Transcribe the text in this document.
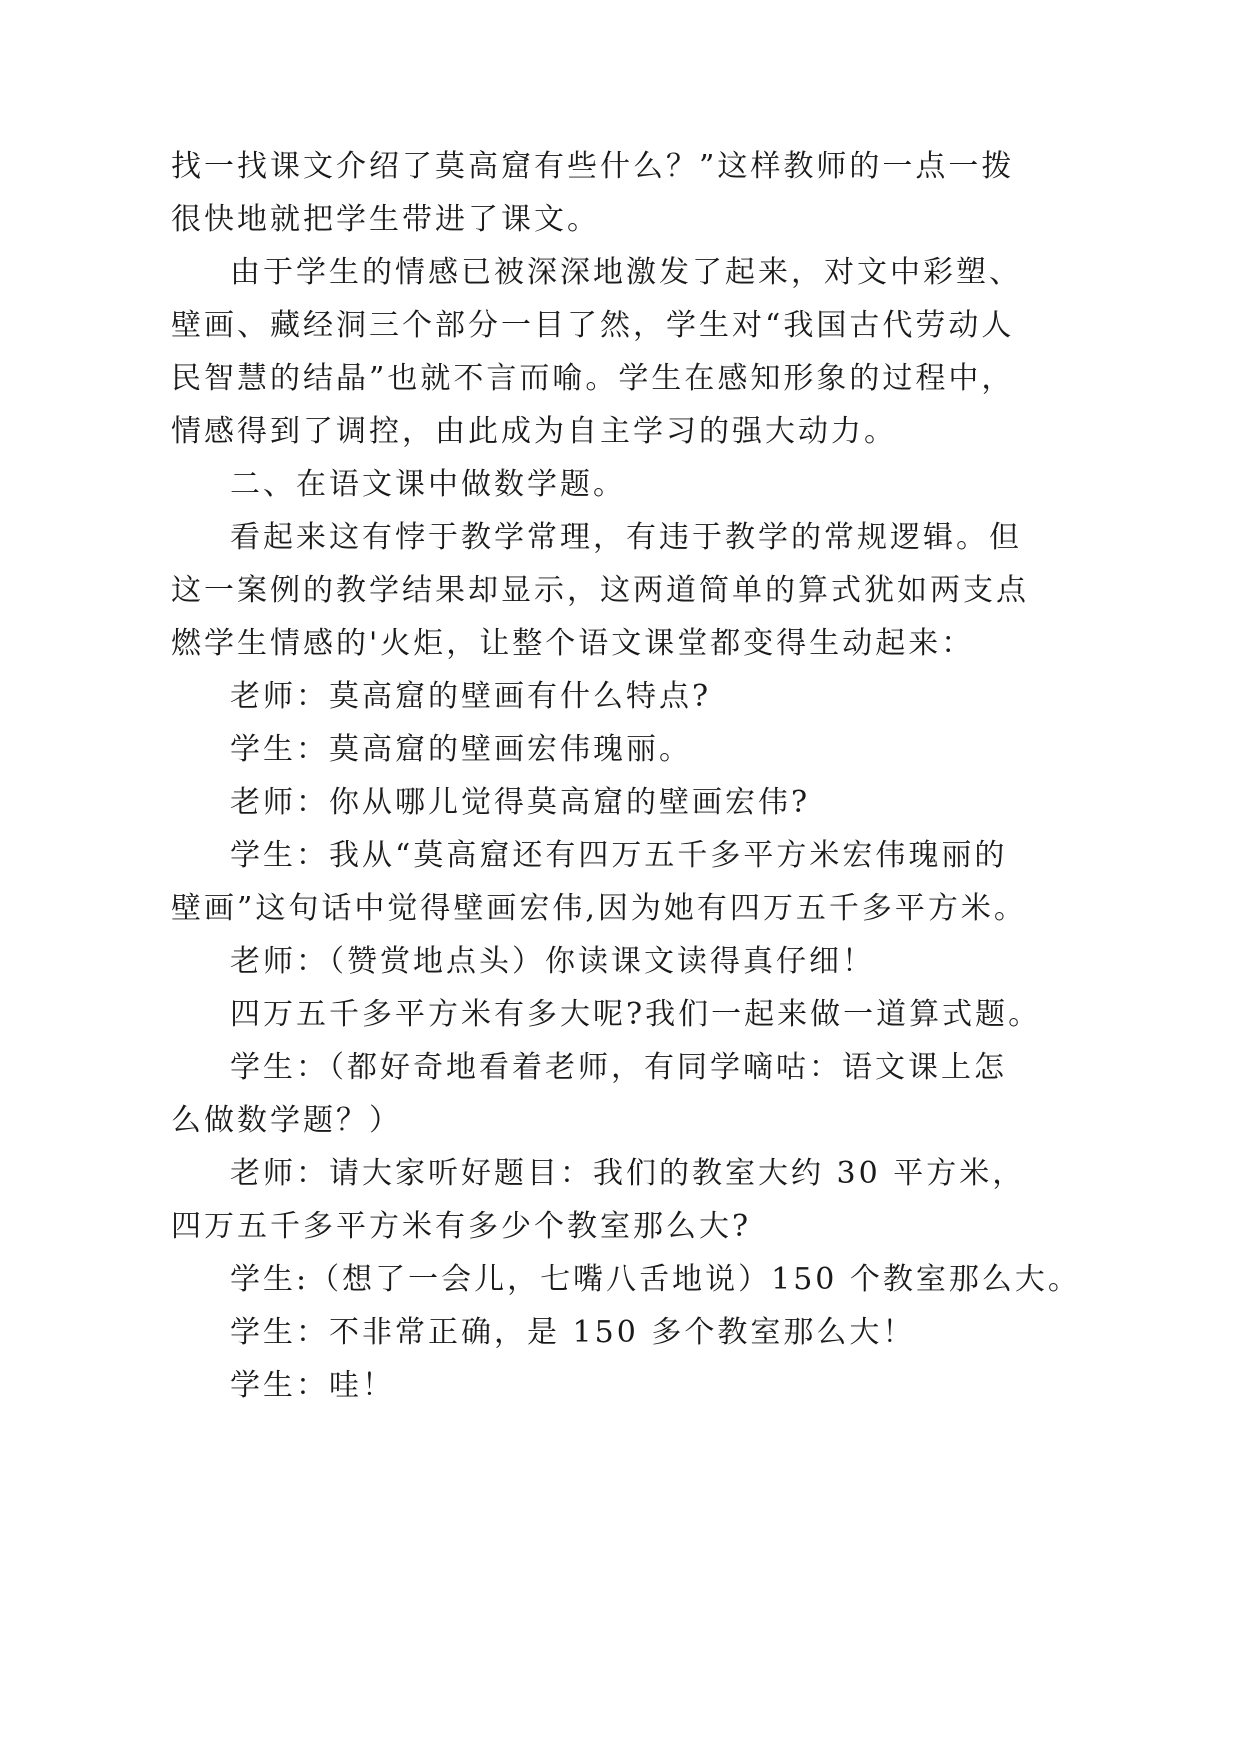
找一找课文介绍了莫高窟有些什么？”这样教师的一点一拨
很快地就把学生带进了课文。
由于学生的情感已被深深地激发了起来，对文中彩塑、
壁画、藏经洞三个部分一目了然，学生对“我国古代劳动人
民智慧的结晶”也就不言而喻。学生在感知形象的过程中，
情感得到了调控，由此成为自主学习的强大动力。
二、在语文课中做数学题。
看起来这有悖于教学常理，有违于教学的常规逻辑。但
这一案例的教学结果却显示，这两道简单的算式犹如两支点
燃学生情感的'火炬，让整个语文课堂都变得生动起来：
老师：莫高窟的壁画有什么特点?
学生：莫高窟的壁画宏伟瑰丽。
老师：你从哪儿觉得莫高窟的壁画宏伟?
学生：我从“莫高窟还有四万五千多平方米宏伟瑰丽的
壁画”这句话中觉得壁画宏伟,因为她有四万五千多平方米。
老师：（赞赏地点头）你读课文读得真仔细！
四万五千多平方米有多大呢?我们一起来做一道算式题。
学生：（都好奇地看着老师，有同学嘀咕：语文课上怎
么做数学题？）
老师：请大家听好题目：我们的教室大约 30 平方米，
四万五千多平方米有多少个教室那么大?
学生:（想了一会儿，七嘴八舌地说）150 个教室那么大。
学生：不非常正确，是 150 多个教室那么大！
学生：哇！
